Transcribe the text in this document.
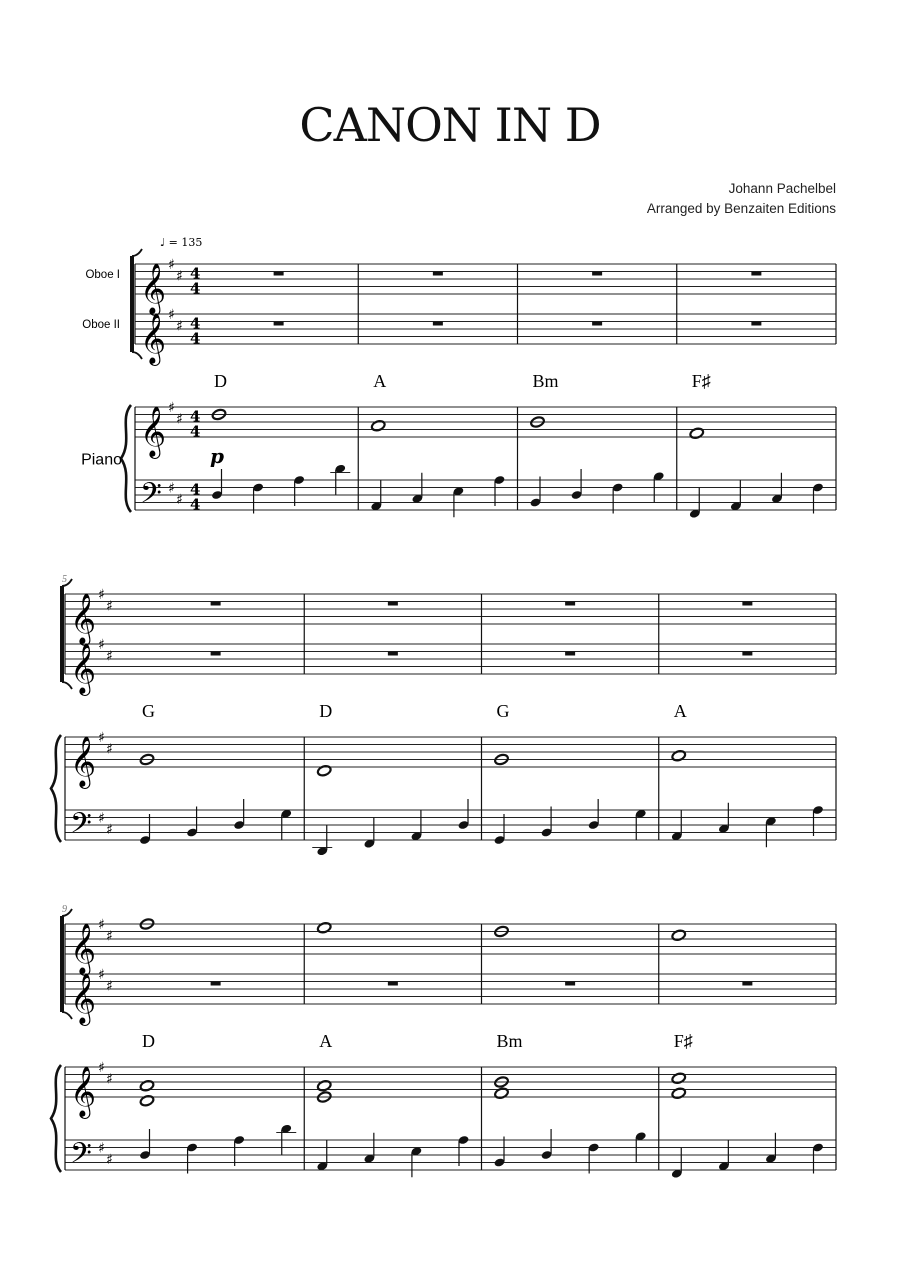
CANON IN D
Johann Pachelbel
Arranged by Benzaiten Editions
𝄞
𝄞
𝄞
𝄢
♯
♯
♯
♯
♯
♯
♯
♯
4
4
4
4
4
4
4
4
Oboe I
Oboe II
Piano
♩ = 135
p
D	A	Bm	F♯
𝄞
𝄞
𝄞
𝄢
♯
♯
♯
♯
♯
♯
♯
♯
5
G	D	G	A
𝄞
𝄞
𝄞
𝄢
♯
♯
♯
♯
♯
♯
♯
♯
9
D	A	Bm	F♯
